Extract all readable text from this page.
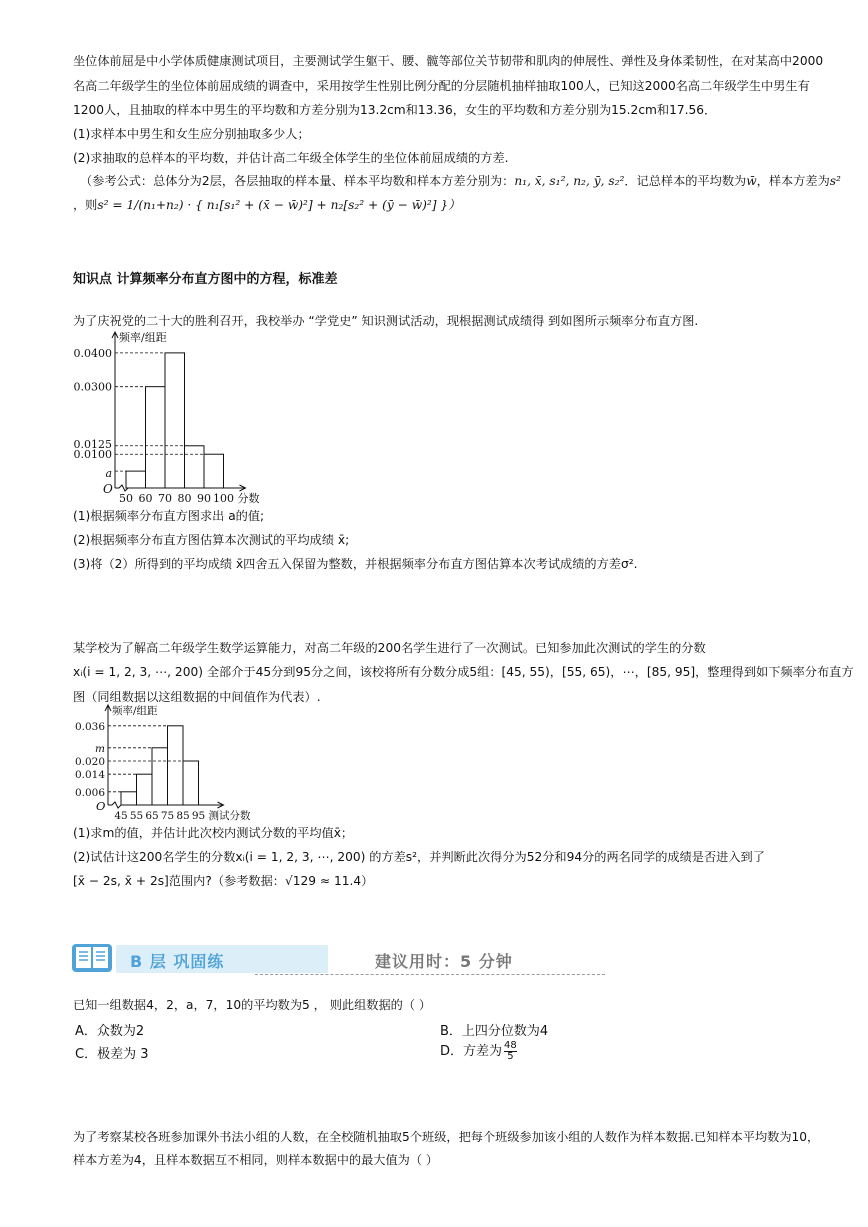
坐位体前屈是中小学体质健康测试项目，主要测试学生躯干、腰、髋等部位关节韧带和肌肉的伸展性、弹性及身体柔韧性，在对某高中2000
名高二年级学生的坐位体前屈成绩的调查中，采用按学生性别比例分配的分层随机抽样抽取100人，已知这2000名高二年级学生中男生有
1200人，且抽取的样本中男生的平均数和方差分别为13.2cm和13.36，女生的平均数和方差分别为15.2cm和17.56．
(1)求样本中男生和女生应分别抽取多少人；
(2)求抽取的总样本的平均数，并估计高二年级全体学生的坐位体前屈成绩的方差.
（参考公式：总体分为2层，各层抽取的样本量、样本平均数和样本方差分别为：n₁, x̄, s₁², n₂, ȳ, s₂²．记总样本的平均数为w̄，样本方差为s²
，则s² = 1/(n₁+n₂) · { n₁[s₁² + (x̄ − w̄)²] + n₂[s₂² + (ȳ − w̄)²] }）
知识点 计算频率分布直方图中的方程，标准差
为了庆祝党的二十大的胜利召开，我校举办 “学党史” 知识测试活动，现根据测试成绩得 到如图所示频率分布直方图.
频率/组距
O
a
0.0100
0.0125
0.0300
0.0400
50 60 70 80 90 100 分数
(1)根据频率分布直方图求出 a的值;
(2)根据频率分布直方图估算本次测试的平均成绩 x̄;
(3)将（2）所得到的平均成绩 x̄四舍五入保留为整数，并根据频率分布直方图估算本次考试成绩的方差σ².
某学校为了解高二年级学生数学运算能力，对高二年级的200名学生进行了一次测试。已知参加此次测试的学生的分数
xᵢ(i = 1, 2, 3, ⋯, 200) 全部介于45分到95分之间，该校将所有分数分成5组：[45, 55)，[55, 65)，⋯，[85, 95]，整理得到如下频率分布直方
图（同组数据以这组数据的中间值作为代表）.
频率/组距
O
0.006
0.014
0.020
m
0.036
45 55 65 75 85 95 测试分数
(1)求m的值，并估计此次校内测试分数的平均值x̄；
(2)试估计这200名学生的分数xᵢ(i = 1, 2, 3, ⋯, 200) 的方差s²，并判断此次得分为52分和94分的两名同学的成绩是否进入到了
[x̄ − 2s, x̄ + 2s]范围内?（参考数据：√129 ≈ 11.4）
B 层 巩固练	建议用时：5 分钟
已知一组数据4，2，a，7，10的平均数为5 ， 则此组数据的（ ）
A．众数为2	B．上四分位数为4
C．极差为 3	D．方差为 $\frac{48}{5}$
为了考察某校各班参加课外书法小组的人数，在全校随机抽取5个班级，把每个班级参加该小组的人数作为样本数据.已知样本平均数为10，
样本方差为4，且样本数据互不相同，则样本数据中的最大值为（ ）
